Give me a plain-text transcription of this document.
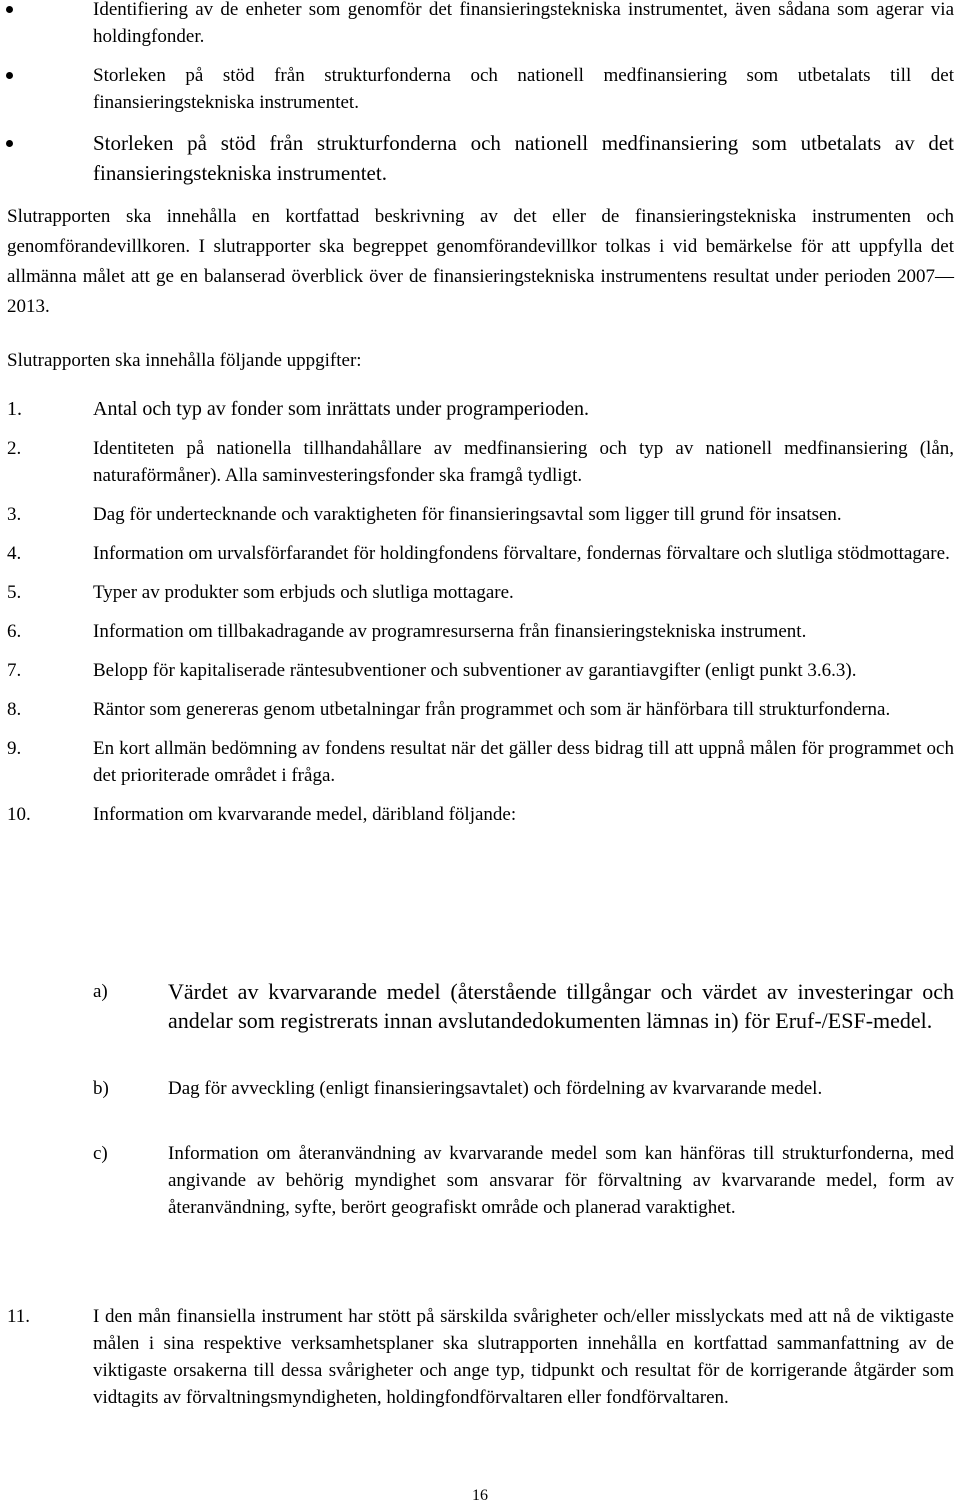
Identifiering av de enheter som genomför det finansieringstekniska instrumentet, även sådana som agerar via holdingfonder.
Storleken på stöd från strukturfonderna och nationell medfinansiering som utbetalats till det finansieringstekniska instrumentet.
Storleken på stöd från strukturfonderna och nationell medfinansiering som utbetalats av det finansieringstekniska instrumentet.
Slutrapporten ska innehålla en kortfattad beskrivning av det eller de finansieringstekniska instrumenten och genomförandevillkoren. I slutrapporter ska begreppet genomförandevillkor tolkas i vid bemärkelse för att uppfylla det allmänna målet att ge en balanserad överblick över de finansieringstekniska instrumentens resultat under perioden 2007—2013.
Slutrapporten ska innehålla följande uppgifter:
1.	Antal och typ av fonder som inrättats under programperioden.
2.	Identiteten på nationella tillhandahållare av medfinansiering och typ av nationell medfinansiering (lån, naturaförmåner). Alla saminvesteringsfonder ska framgå tydligt.
3.	Dag för undertecknande och varaktigheten för finansieringsavtal som ligger till grund för insatsen.
4.	Information om urvalsförfarandet för holdingfondens förvaltare, fondernas förvaltare och slutliga stödmottagare.
5.	Typer av produkter som erbjuds och slutliga mottagare.
6.	Information om tillbakadragande av programresurserna från finansieringstekniska instrument.
7.	Belopp för kapitaliserade räntesubventioner och subventioner av garantiavgifter (enligt punkt 3.6.3).
8.	Räntor som genereras genom utbetalningar från programmet och som är hänförbara till strukturfonderna.
9.	En kort allmän bedömning av fondens resultat när det gäller dess bidrag till att uppnå målen för programmet och det prioriterade området i fråga.
10.	Information om kvarvarande medel, däribland följande:
a)	Värdet av kvarvarande medel (återstående tillgångar och värdet av investeringar och andelar som registrerats innan avslutandedokumenten lämnas in) för Eruf-/ESF-medel.
b)	Dag för avveckling (enligt finansieringsavtalet) och fördelning av kvarvarande medel.
c)	Information om återanvändning av kvarvarande medel som kan hänföras till strukturfonderna, med angivande av behörig myndighet som ansvarar för förvaltning av kvarvarande medel, form av återanvändning, syfte, berört geografiskt område och planerad varaktighet.
11.	I den mån finansiella instrument har stött på särskilda svårigheter och/eller misslyckats med att nå de viktigaste målen i sina respektive verksamhetsplaner ska slutrapporten innehålla en kortfattad sammanfattning av de viktigaste orsakerna till dessa svårigheter och ange typ, tidpunkt och resultat för de korrigerande åtgärder som vidtagits av förvaltningsmyndigheten, holdingfondförvaltaren eller fondförvaltaren.
16
